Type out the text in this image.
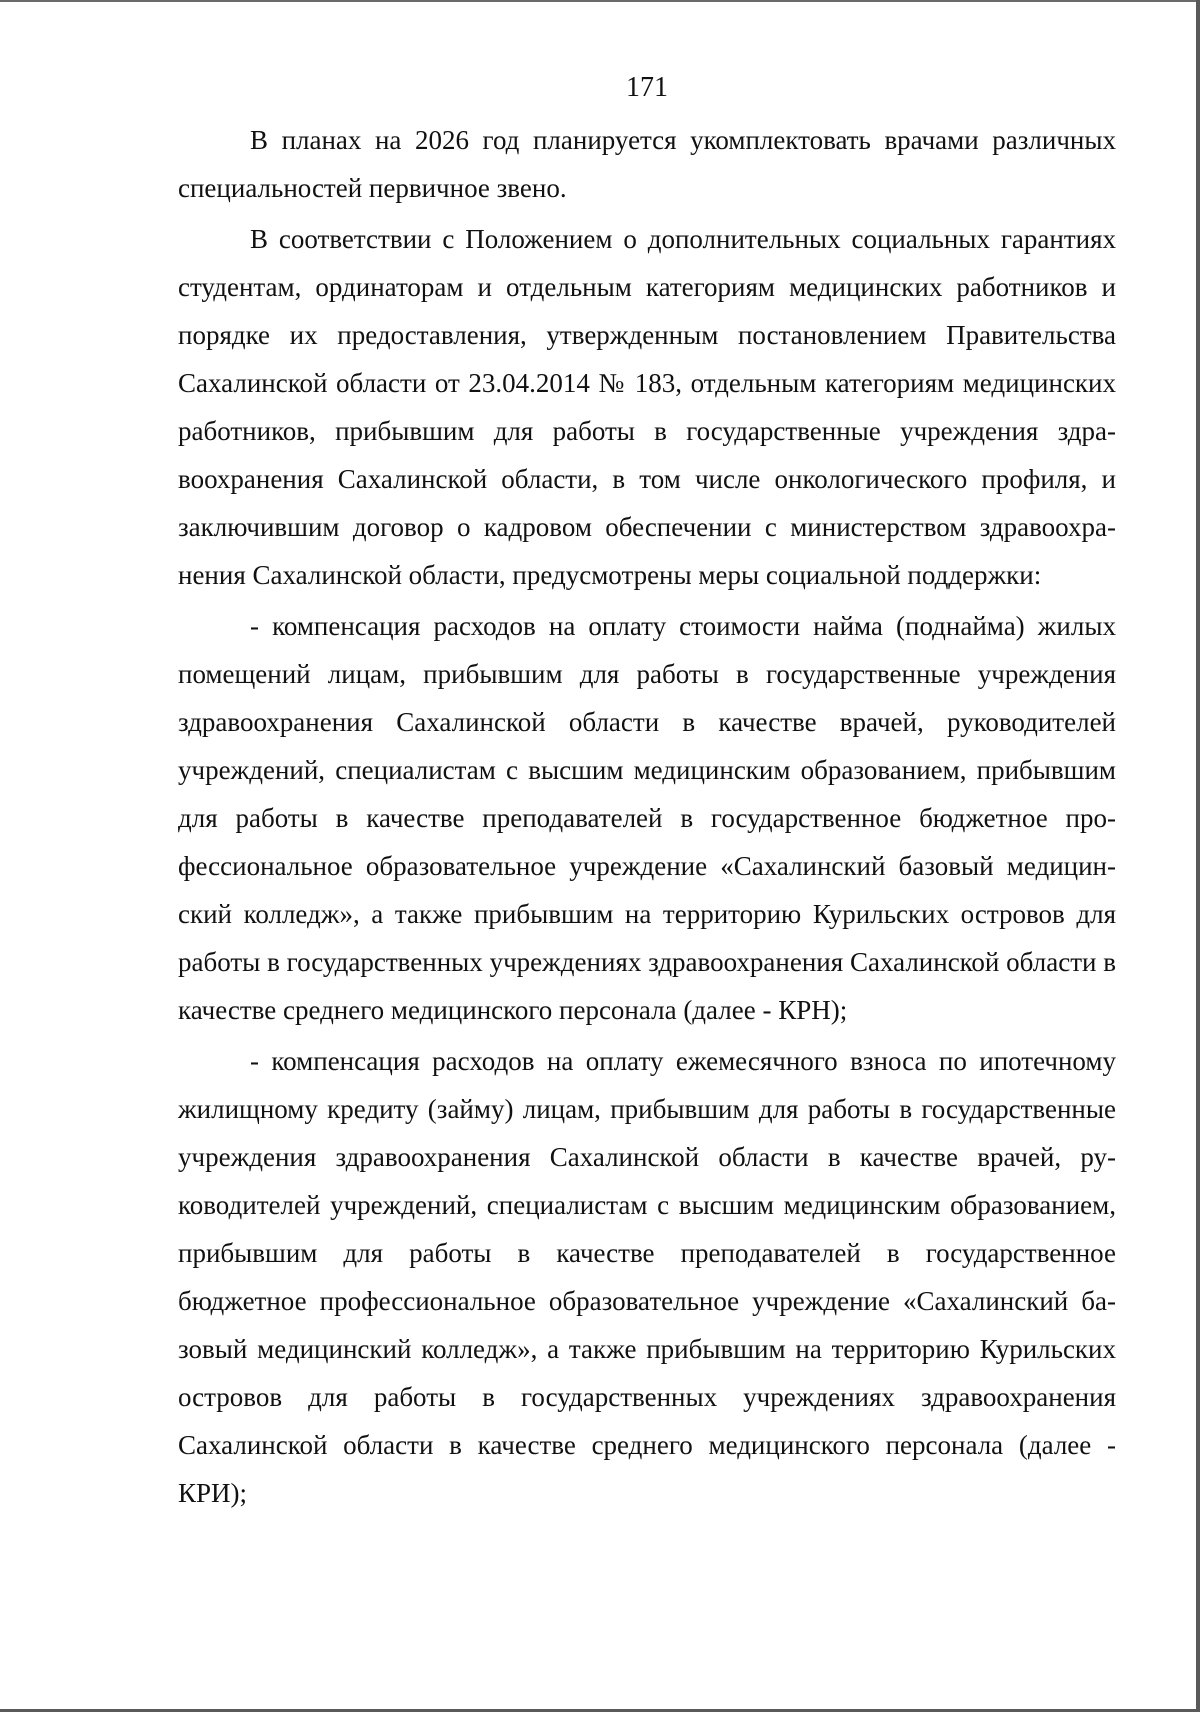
171

В планах на 2026 год планируется укомплектовать врачами различных специальностей первичное звено.

В соответствии с Положением о дополнительных социальных гарантиях студентам, ординаторам и отдельным категориям медицинских работников и порядке их предоставления, утвержденным постановлением Правительства Сахалинской области от 23.04.2014 № 183, отдельным категориям медицинских работников, прибывшим для работы в государственные учреждения здравоохранения Сахалинской области, в том числе онкологического профиля, и заключившим договор о кадровом обеспечении с министерством здравоохранения Сахалинской области, предусмотрены меры социальной поддержки:

- компенсация расходов на оплату стоимости найма (поднайма) жилых помещений лицам, прибывшим для работы в государственные учреждения здравоохранения Сахалинской области в качестве врачей, руководителей учреждений, специалистам с высшим медицинским образованием, прибывшим для работы в качестве преподавателей в государственное бюджетное профессиональное образовательное учреждение «Сахалинский базовый медицинский колледж», а также прибывшим на территорию Курильских островов для работы в государственных учреждениях здравоохранения Сахалинской области в качестве среднего медицинского персонала (далее - КРН);

- компенсация расходов на оплату ежемесячного взноса по ипотечному жилищному кредиту (займу) лицам, прибывшим для работы в государственные учреждения здравоохранения Сахалинской области в качестве врачей, руководителей учреждений, специалистам с высшим медицинским образованием, прибывшим для работы в качестве преподавателей в государственное бюджетное профессиональное образовательное учреждение «Сахалинский базовый медицинский колледж», а также прибывшим на территорию Курильских островов для работы в государственных учреждениях здравоохранения Сахалинской области в качестве среднего медицинского персонала (далее - КРИ);
